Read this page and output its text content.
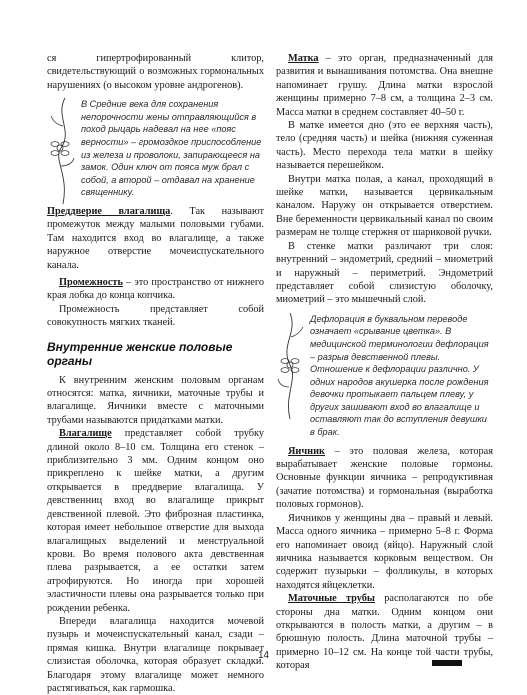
ся гипертрофированный клитор, свидетельствующий о возможных гормональных нарушениях (о высоком уровне андрогенов).

В Средние века для сохранения непорочности жены отправляющийся в поход рыцарь надевал на нее «пояс верности» – громоздкое приспособление из железа и проволоки, запирающееся на замок. Один ключ от пояса муж брал с собой, а второй – отдавал на хранение священнику.

Преддверие влагалища. Так называют промежуток между малыми половыми губами. Там находится вход во влагалище, а также наружное отверстие мочеиспускательного канала.

Промежность – это пространство от нижнего края лобка до конца копчика.

Промежность представляет собой совокупность мягких тканей.

Внутренние женские половые органы

К внутренним женским половым органам относятся: матка, яичники, маточные трубы и влагалище. Яичники вместе с маточными трубами называются придатками матки.

Влагалище представляет собой трубку длиной около 8–10 см. Толщина его стенок – приблизительно 3 мм. Одним концом оно прикреплено к шейке матки, а другим открывается в преддверие влагалища. У девственниц вход во влагалище прикрыт девственной плевой. Это фиброзная пластинка, которая имеет небольшое отверстие для выхода влагалищных выделений и менструальной крови. Во время полового акта девственная плева разрывается, а ее остатки затем атрофируются. Но иногда при хорошей эластичности плевы она разрывается только при рождении ребенка.

Впереди влагалища находится мочевой пузырь и мочеиспускательный канал, сзади – прямая кишка. Внутри влагалище покрывает слизистая оболочка, которая образует складки. Благодаря этому влагалище может немного растягиваться, как гармошка.

Матка – это орган, предназначенный для развития и вынашивания потомства. Она внешне напоминает грушу. Длина матки взрослой женщины примерно 7–8 см, а толщина 2–3 см. Масса матки в среднем составляет 40–50 г.

В матке имеется дно (это ее верхняя часть), тело (средняя часть) и шейка (нижняя суженная часть). Место перехода тела матки в шейку называется перешейком.

Внутри матка полая, а канал, проходящий в шейке матки, называется цервикальным каналом. Наружу он открывается отверстием. Вне беременности цервикальный канал по своим размерам не толще стержня от шариковой ручки.

В стенке матки различают три слоя: внутренний – эндометрий, средний – миометрий и наружный – периметрий. Эндометрий представляет собой слизистую оболочку, миометрий – это мышечный слой.

Дефлорация в буквальном переводе означает «срывание цветка». В медицинской терминологии дефлорация – разрыв девственной плевы. Отношение к дефлорации различно. У одних народов акушерка после рождения девочки протыкает пальцем плеву, у других зашивают вход во влагалище и оставляют так до вступления девушки в брак.

Яичник – это половая железа, которая вырабатывает женские половые гормоны. Основные функции яичника – репродуктивная (зачатие потомства) и гормональная (выработка половых гормонов).

Яичников у женщины два – правый и левый. Масса одного яичника – примерно 5–8 г. Форма его напоминает овоид (яйцо). Наружный слой яичника называется корковым веществом. Он содержит пузырьки – фолликулы, в которых находятся яйцеклетки.

Маточные трубы располагаются по обе стороны дна матки. Одним концом они открываются в полость матки, а другим – в брюшную полость. Длина маточной трубы – примерно 10–12 см. На конце той части трубы, которая

14
